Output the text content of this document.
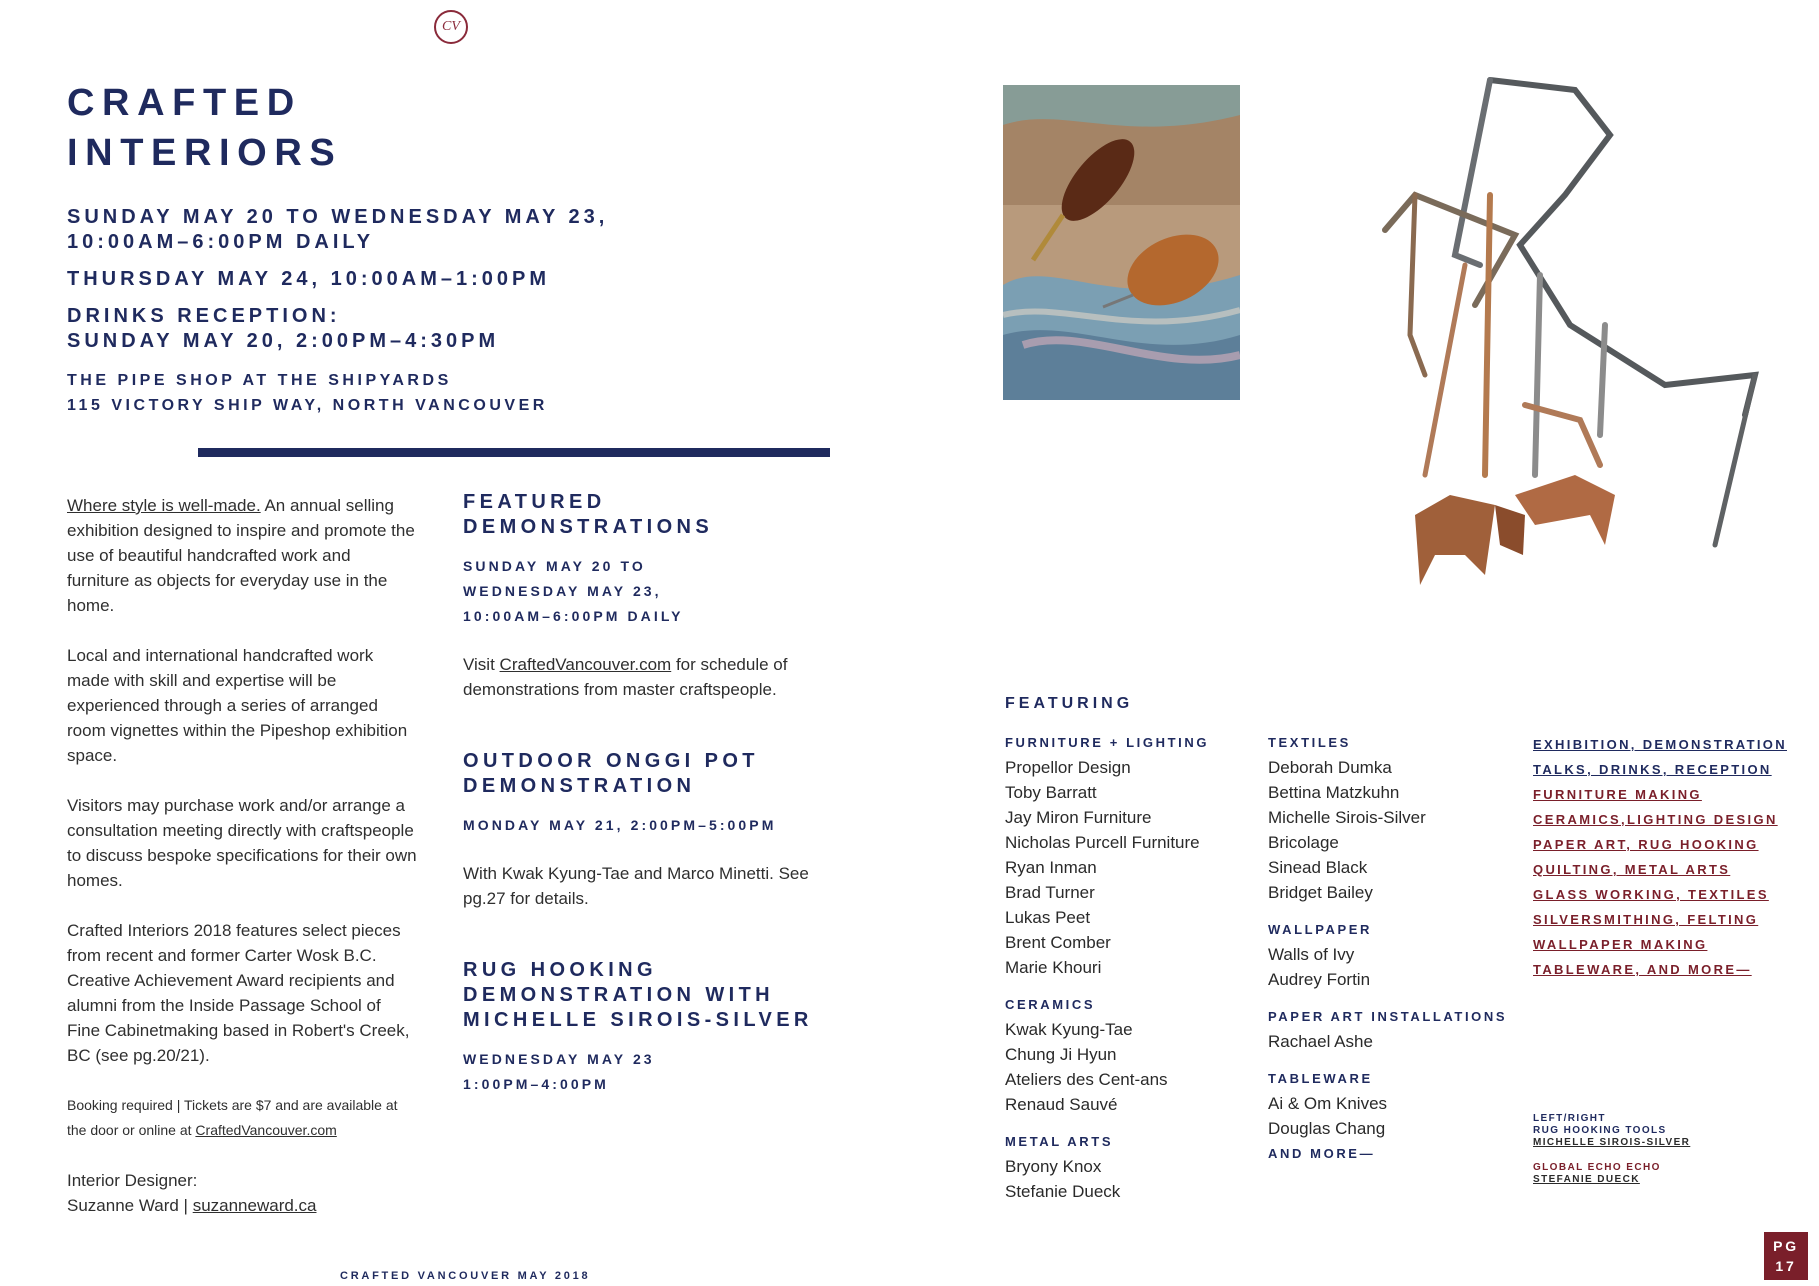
CV
CRAFTED
INTERIORS
SUNDAY MAY 20 TO WEDNESDAY MAY 23,
10:00AM–6:00PM DAILY
THURSDAY MAY 24, 10:00AM–1:00PM
DRINKS RECEPTION:
SUNDAY MAY 20, 2:00PM–4:30PM
THE PIPE SHOP AT THE SHIPYARDS
115 VICTORY SHIP WAY, NORTH VANCOUVER

Where style is well-made. An annual selling exhibition designed to inspire and promote the use of beautiful handcrafted work and furniture as objects for everyday use in the home.

Local and international handcrafted work made with skill and expertise will be experienced through a series of arranged room vignettes within the Pipeshop exhibition space.

Visitors may purchase work and/or arrange a consultation meeting directly with craftspeople to discuss bespoke specifications for their own homes.

Crafted Interiors 2018 features select pieces from recent and former Carter Wosk B.C. Creative Achievement Award recipients and alumni from the Inside Passage School of Fine Cabinetmaking based in Robert's Creek, BC (see pg.20/21).

Booking required | Tickets are $7 and are available at the door or online at CraftedVancouver.com

Interior Designer:
Suzanne Ward | suzanneward.ca
FEATURED
DEMONSTRATIONS
SUNDAY MAY 20 TO
WEDNESDAY MAY 23,
10:00AM–6:00PM DAILY
Visit CraftedVancouver.com for schedule of demonstrations from master craftspeople.
OUTDOOR ONGGI POT
DEMONSTRATION
MONDAY MAY 21, 2:00PM–5:00PM
With Kwak Kyung-Tae and Marco Minetti. See pg.27 for details.
RUG HOOKING
DEMONSTRATION WITH
MICHELLE SIROIS-SILVER
WEDNESDAY MAY 23
1:00PM–4:00PM
FEATURING
FURNITURE + LIGHTING
Propellor Design
Toby Barratt
Jay Miron Furniture
Nicholas Purcell Furniture
Ryan Inman
Brad Turner
Lukas Peet
Brent Comber
Marie Khouri
CERAMICS
Kwak Kyung-Tae
Chung Ji Hyun
Ateliers des Cent-ans
Renaud Sauvé
METAL ARTS
Bryony Knox
Stefanie Dueck
TEXTILES
Deborah Dumka
Bettina Matzkuhn
Michelle Sirois-Silver
Bricolage
Sinead Black
Bridget Bailey
WALLPAPER
Walls of Ivy
Audrey Fortin
PAPER ART INSTALLATIONS
Rachael Ashe
TABLEWARE
Ai & Om Knives
Douglas Chang
AND MORE—
EXHIBITION, DEMONSTRATION
TALKS, DRINKS, RECEPTION
FURNITURE MAKING
CERAMICS,LIGHTING DESIGN
PAPER ART, RUG HOOKING
QUILTING, METAL ARTS
GLASS WORKING, TEXTILES
SILVERSMITHING, FELTING
WALLPAPER MAKING
TABLEWARE, AND MORE—
LEFT/RIGHT
RUG HOOKING TOOLS
MICHELLE SIROIS-SILVER
GLOBAL ECHO ECHO
STEFANIE DUECK
CRAFTED VANCOUVER MAY 2018
PG
17
